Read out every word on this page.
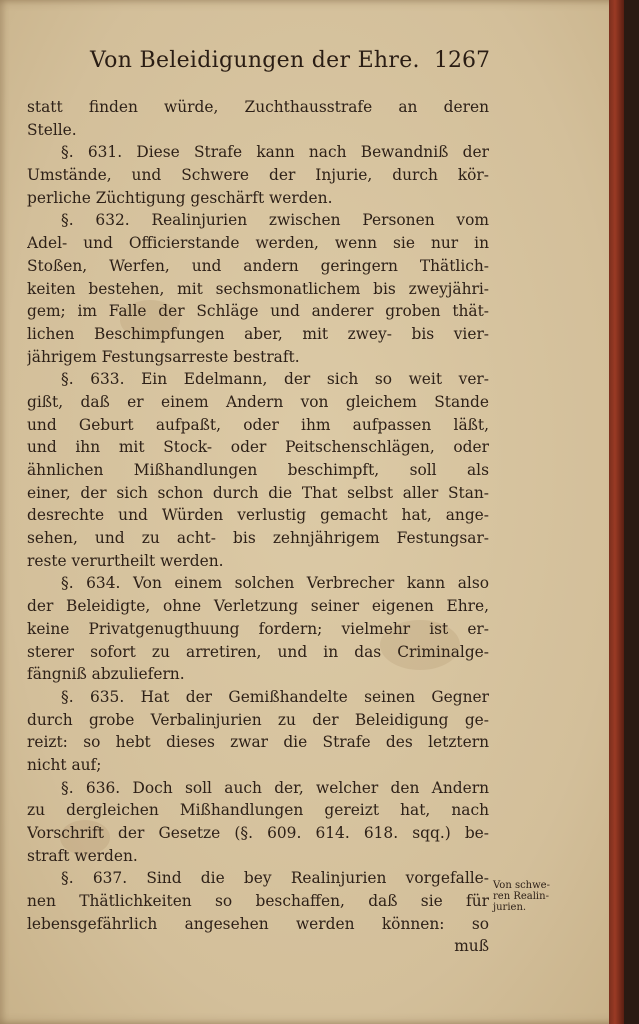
Von Beleidigungen der Ehre. 1267
statt finden würde, Zuchthausstrafe an deren
Stelle.
§. 631. Diese Strafe kann nach Bewandniß der
Umstände, und Schwere der Injurie, durch kör-
perliche Züchtigung geschärft werden.
§. 632. Realinjurien zwischen Personen vom
Adel- und Officierstande werden, wenn sie nur in
Stoßen, Werfen, und andern geringern Thätlich-
keiten bestehen, mit sechsmonatlichem bis zweyjähri-
gem; im Falle der Schläge und anderer groben thät-
lichen Beschimpfungen aber, mit zwey- bis vier-
jährigem Festungsarreste bestraft.
§. 633. Ein Edelmann, der sich so weit ver-
gißt, daß er einem Andern von gleichem Stande
und Geburt aufpaßt, oder ihm aufpassen läßt,
und ihn mit Stock- oder Peitschenschlägen, oder
ähnlichen Mißhandlungen beschimpft, soll als
einer, der sich schon durch die That selbst aller Stan-
desrechte und Würden verlustig gemacht hat, ange-
sehen, und zu acht- bis zehnjährigem Festungsar-
reste verurtheilt werden.
§. 634. Von einem solchen Verbrecher kann also
der Beleidigte, ohne Verletzung seiner eigenen Ehre,
keine Privatgenugthuung fordern; vielmehr ist er-
sterer sofort zu arretiren, und in das Criminalge-
fängniß abzuliefern.
§. 635. Hat der Gemißhandelte seinen Gegner
durch grobe Verbalinjurien zu der Beleidigung ge-
reizt: so hebt dieses zwar die Strafe des letztern
nicht auf;
§. 636. Doch soll auch der, welcher den Andern
zu dergleichen Mißhandlungen gereizt hat, nach
Vorschrift der Gesetze (§. 609. 614. 618. sqq.) be-
straft werden.
§. 637. Sind die bey Realinjurien vorgefalle-
nen Thätlichkeiten so beschaffen, daß sie für
lebensgefährlich angesehen werden können: so
muß
Von schwe-
ren Realin-
jurien.
